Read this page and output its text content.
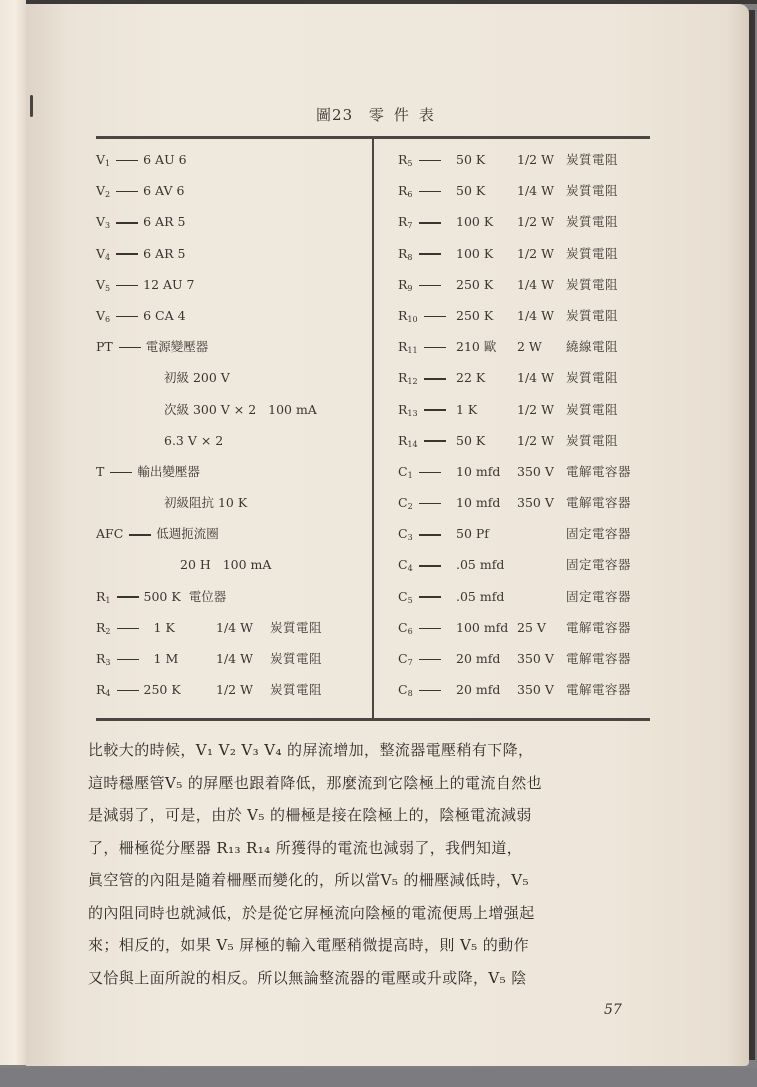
圖23 零件表
$V_1$	6 AU 6
$V_2$	6 AV 6
$V_3$	6 AR 5
$V_4$	6 AR 5
$V_5$	12 AU 7
$V_6$	6 CA 4
PT	電源變壓器
初級 200 V
次級 300 V × 2   100 mA
6.3 V × 2
T	輸出變壓器
初級阻抗 10 K
AFC	低週扼流圈
20 H   100 mA
$R_1$	500 K 電位器
$R_2$	1 K	1/4 W 炭質電阻
$R_3$	1 M	1/4 W 炭質電阻
$R_4$	250 K	1/2 W 炭質電阻
$R_5$	50 K	1/2 W 炭質電阻
$R_6$	50 K	1/4 W 炭質電阻
$R_7$	100 K 1/2 W 炭質電阻
$R_8$	100 K 1/2 W 炭質電阻
$R_9$	250 K 1/4 W 炭質電阻
$R_{10}$	250 K 1/4 W 炭質電阻
$R_{11}$	210 歐 2 W 繞線電阻
$R_{12}$	22 K	1/4 W 炭質電阻
$R_{13}$	1 K	1/2 W 炭質電阻
$R_{14}$	50 K	1/2 W 炭質電阻
$C_1$	10 mfd 350 V 電解電容器
$C_2$	10 mfd 350 V 電解電容器
$C_3$	50 Pf	固定電容器
$C_4$	.05 mfd	固定電容器
$C_5$	.05 mfd	固定電容器
$C_6$	100 mfd 25 V 電解電容器
$C_7$	20 mfd 350 V 電解電容器
$C_8$	20 mfd 350 V 電解電容器

比較大的時候，V₁ V₂ V₃ V₄ 的屏流增加，整流器電壓稍有下降，

這時穩壓管V₅ 的屏壓也跟着降低，那麼流到它陰極上的電流自然也

是減弱了，可是，由於 V₅ 的柵極是接在陰極上的，陰極電流減弱

了，柵極從分壓器 R₁₃ R₁₄ 所獲得的電流也減弱了，我們知道，

眞空管的內阻是隨着柵壓而變化的，所以當V₅ 的柵壓減低時，V₅

的內阻同時也就減低，於是從它屏極流向陰極的電流便馬上增强起

來；相反的，如果 V₅ 屏極的輸入電壓稍微提高時，則 V₅ 的動作

又恰與上面所說的相反。所以無論整流器的電壓或升或降，V₅ 陰

57
